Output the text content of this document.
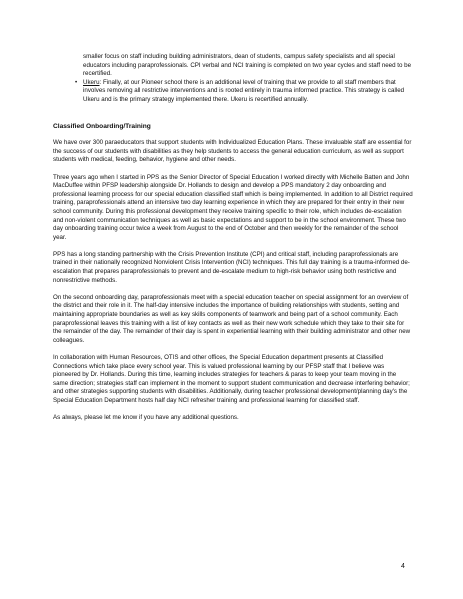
smaller focus on staff including building administrators, dean of students, campus safety specialists and all special educators including paraprofessionals. CPI verbal and NCI training is completed on two year cycles and staff need to be recertified.

• Ukeru: Finally, at our Pioneer school there is an additional level of training that we provide to all staff members that involves removing all restrictive interventions and is rooted entirely in trauma informed practice. This strategy is called Ukeru and is the primary strategy implemented there. Ukeru is recertified annually.
Classified Onboarding/Training

We have over 300 paraeducators that support students with Individualized Education Plans. These invaluable staff are essential for the success of our students with disabilities as they help students to access the general education curriculum, as well as support students with medical, feeding, behavior, hygiene and other needs.

Three years ago when I started in PPS as the Senior Director of Special Education I worked directly with Michelle Batten and John MacDuffee within PFSP leadership alongside Dr. Hollands to design and develop a PPS mandatory 2 day onboarding and professional learning process for our special education classified staff which is being implemented. In addition to all District required training, paraprofessionals attend an intensive two day learning experience in which they are prepared for their entry in their new school community. During this professional development they receive training specific to their role, which includes de-escalation and non-violent communication techniques as well as basic expectations and support to be in the school environment. These two day onboarding training occur twice a week from August to the end of October and then weekly for the remainder of the school year.

PPS has a long standing partnership with the Crisis Prevention Institute (CPI) and critical staff, including paraprofessionals are trained in their nationally recognized Nonviolent Crisis Intervention (NCI) techniques. This full day training is a trauma-informed de-escalation that prepares paraprofessionals to prevent and de-escalate medium to high-risk behavior using both restrictive and nonrestrictive methods.

On the second onboarding day, paraprofessionals meet with a special education teacher on special assignment for an overview of the district and their role in it. The half-day intensive includes the importance of building relationships with students, setting and maintaining appropriate boundaries as well as key skills components of teamwork and being part of a school community. Each paraprofessional leaves this training with a list of key contacts as well as their new work schedule which they take to their site for the remainder of the day. The remainder of their day is spent in experiential learning with their building administrator and other new colleagues.

In collaboration with Human Resources, OTIS and other offices, the Special Education department presents at Classified Connections which take place every school year. This is valued professional learning by our PFSP staff that I believe was pioneered by Dr. Hollands. During this time, learning includes strategies for teachers & paras to keep your team moving in the same direction; strategies staff can implement in the moment to support student communication and decrease interfering behavior; and other strategies supporting students with disabilities. Additionally, during teacher professional development/planning day's the Special Education Department hosts half day NCI refresher training and professional learning for classified staff.

As always, please let me know if you have any additional questions.

4
